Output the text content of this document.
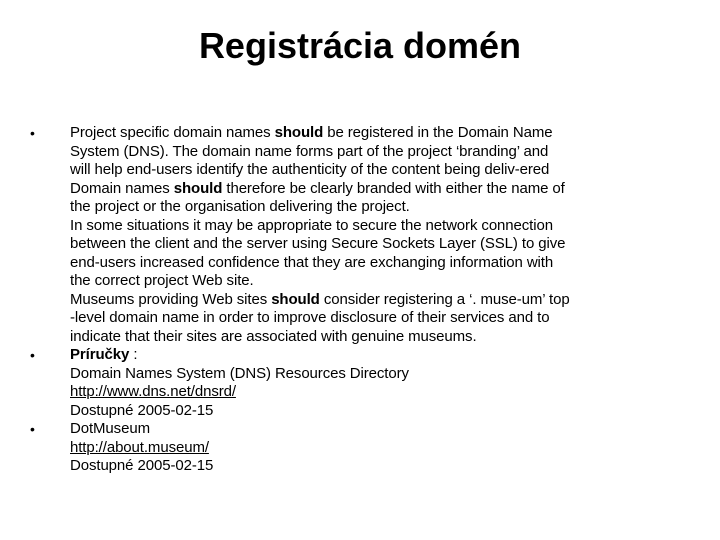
Registrácia domén
•	Project specific domain names should be registered in the Domain Name
System (DNS). The domain name forms part of the project ‘branding’ and
will help end-users identify the authenticity of the content being deliv-ered
Domain names should therefore be clearly branded with either the name of
the project or the organisation delivering the project.
In some situations it may be appropriate to secure the network connection
between the client and the server using Secure Sockets Layer (SSL) to give
end-users increased confidence that they are exchanging information with
the correct project Web site.
Museums providing Web sites should consider registering a ‘. muse-um’ top
-level domain name in order to improve disclosure of their services and to
indicate that their sites are associated with genuine museums.
•	Príručky :
Domain Names System (DNS) Resources Directory
http://www.dns.net/dnsrd/
Dostupné 2005-02-15
•	DotMuseum
http://about.museum/
Dostupné 2005-02-15
